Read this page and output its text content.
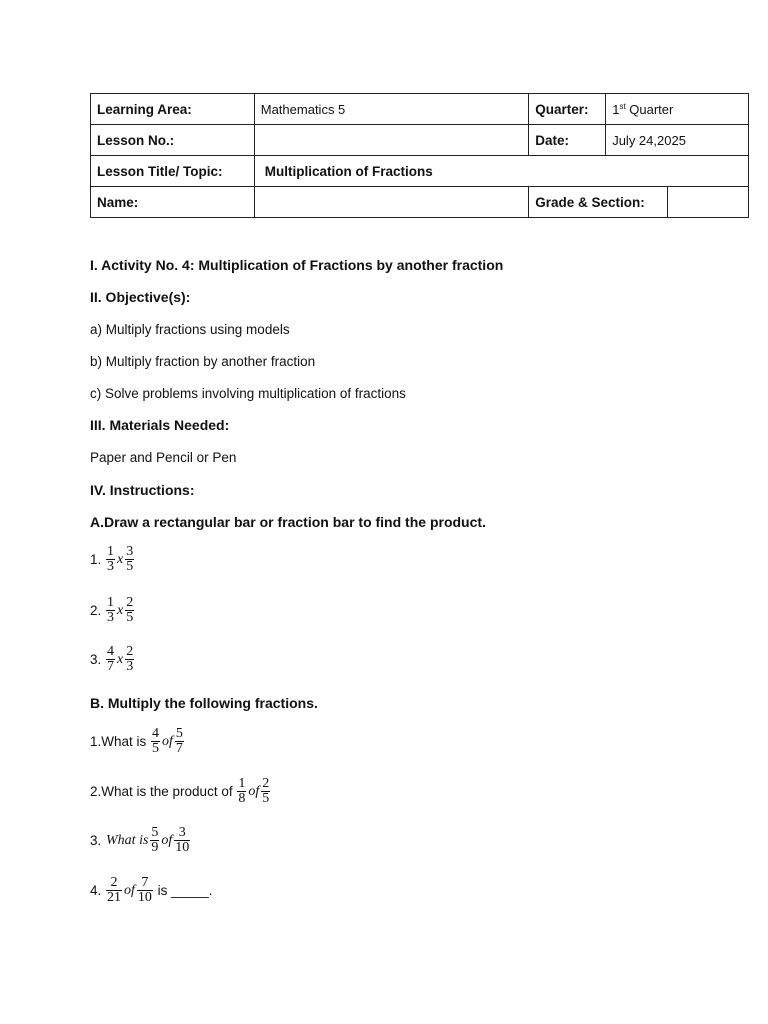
Learning Area:	Mathematics 5	Quarter:	1st Quarter	
Lesson No.:		Date:	July 24,2025	
Lesson Title/ Topic:	Multiplication of Fractions			
Name:		Grade & Section:		
I. Activity No. 4: Multiplication of Fractions by another fraction
II. Objective(s):
a) Multiply fractions using models
b) Multiply fraction by another fraction
c) Solve problems involving multiplication of fractions
III. Materials Needed:
Paper and Pencil or Pen
IV. Instructions:
A.Draw a rectangular bar or fraction bar to find the product.
1. $\frac{1}{3}$ x $\frac{3}{5}$
2. $\frac{1}{3}$ x $\frac{2}{5}$
3. $\frac{4}{7}$ x $\frac{2}{3}$
B. Multiply the following fractions.
1.What is $\frac{4}{5}$ of $\frac{5}{7}$
2.What is the product of $\frac{1}{8}$ of $\frac{2}{5}$
3. What is $\frac{5}{9}$ of $\frac{3}{10}$
4. $\frac{2}{21}$ of $\frac{7}{10}$ is _____.
